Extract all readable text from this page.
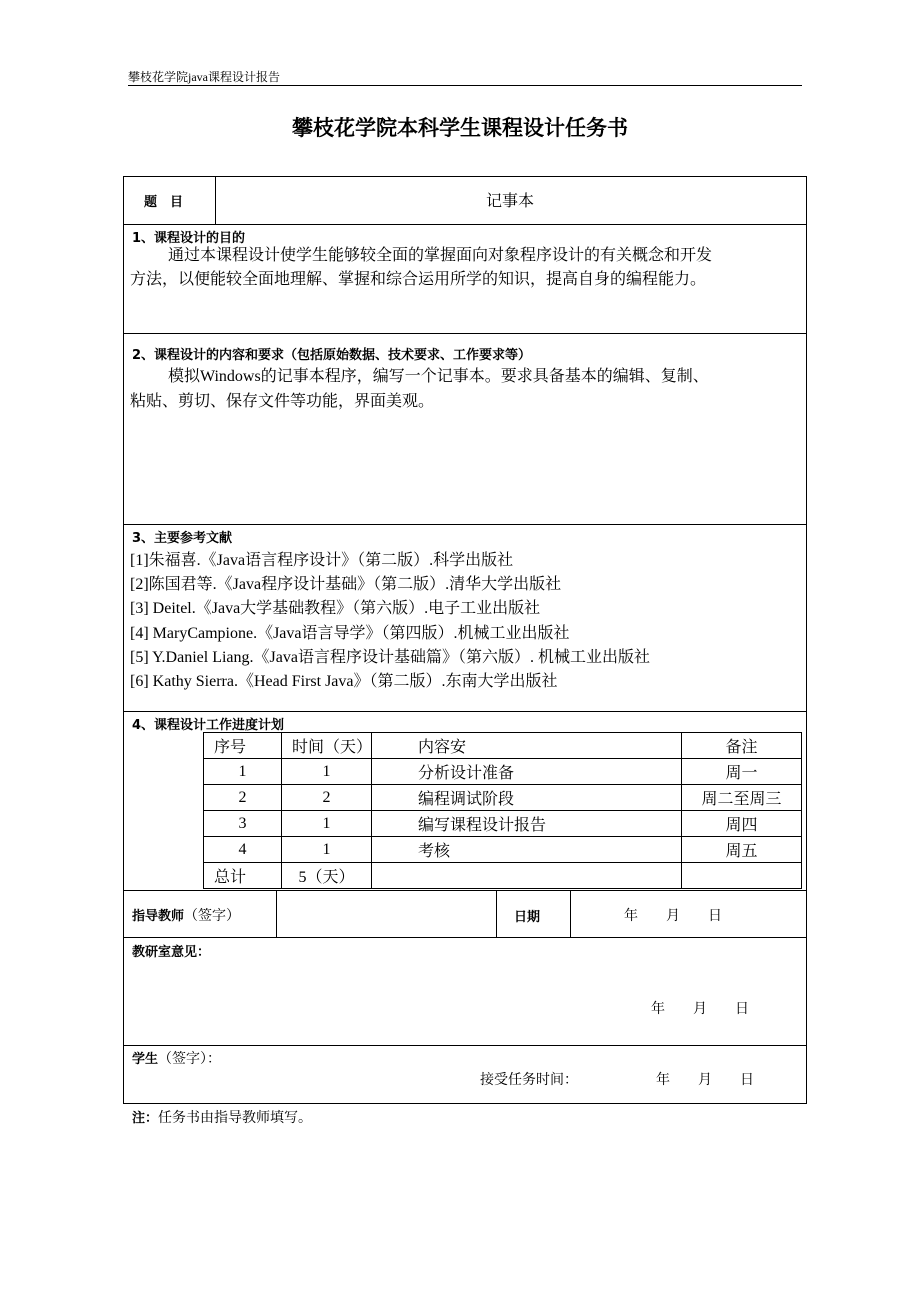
攀枝花学院java课程设计报告
攀枝花学院本科学生课程设计任务书
题　目	记事本
1、课程设计的目的
通过本课程设计使学生能够较全面的掌握面向对象程序设计的有关概念和开发
方法，以便能较全面地理解、掌握和综合运用所学的知识，提高自身的编程能力。
2、课程设计的内容和要求（包括原始数据、技术要求、工作要求等）
模拟Windows的记事本程序，编写一个记事本。要求具备基本的编辑、复制、
粘贴、剪切、保存文件等功能，界面美观。
3、主要参考文献
[1]朱福喜.《Java语言程序设计》（第二版）.科学出版社
[2]陈国君等.《Java程序设计基础》（第二版）.清华大学出版社
[3] Deitel.《Java大学基础教程》（第六版）.电子工业出版社
[4] MaryCampione.《Java语言导学》（第四版）.机械工业出版社
[5] Y.Daniel Liang.《Java语言程序设计基础篇》（第六版）. 机械工业出版社
[6] Kathy Sierra.《Head First Java》（第二版）.东南大学出版社
4、课程设计工作进度计划
序号	时间（天）	内容安	备注
1	1	分析设计准备	周一
2	2	编程调试阶段	周二至周三
3	1	编写课程设计报告	周四
4	1	考核	周五
总计	5（天）		
指导教师（签字）	日期	年　　月　　日
教研室意见：
年　　月　　日
学生（签字）：
接受任务时间：	年　　月　　日
注：任务书由指导教师填写。
